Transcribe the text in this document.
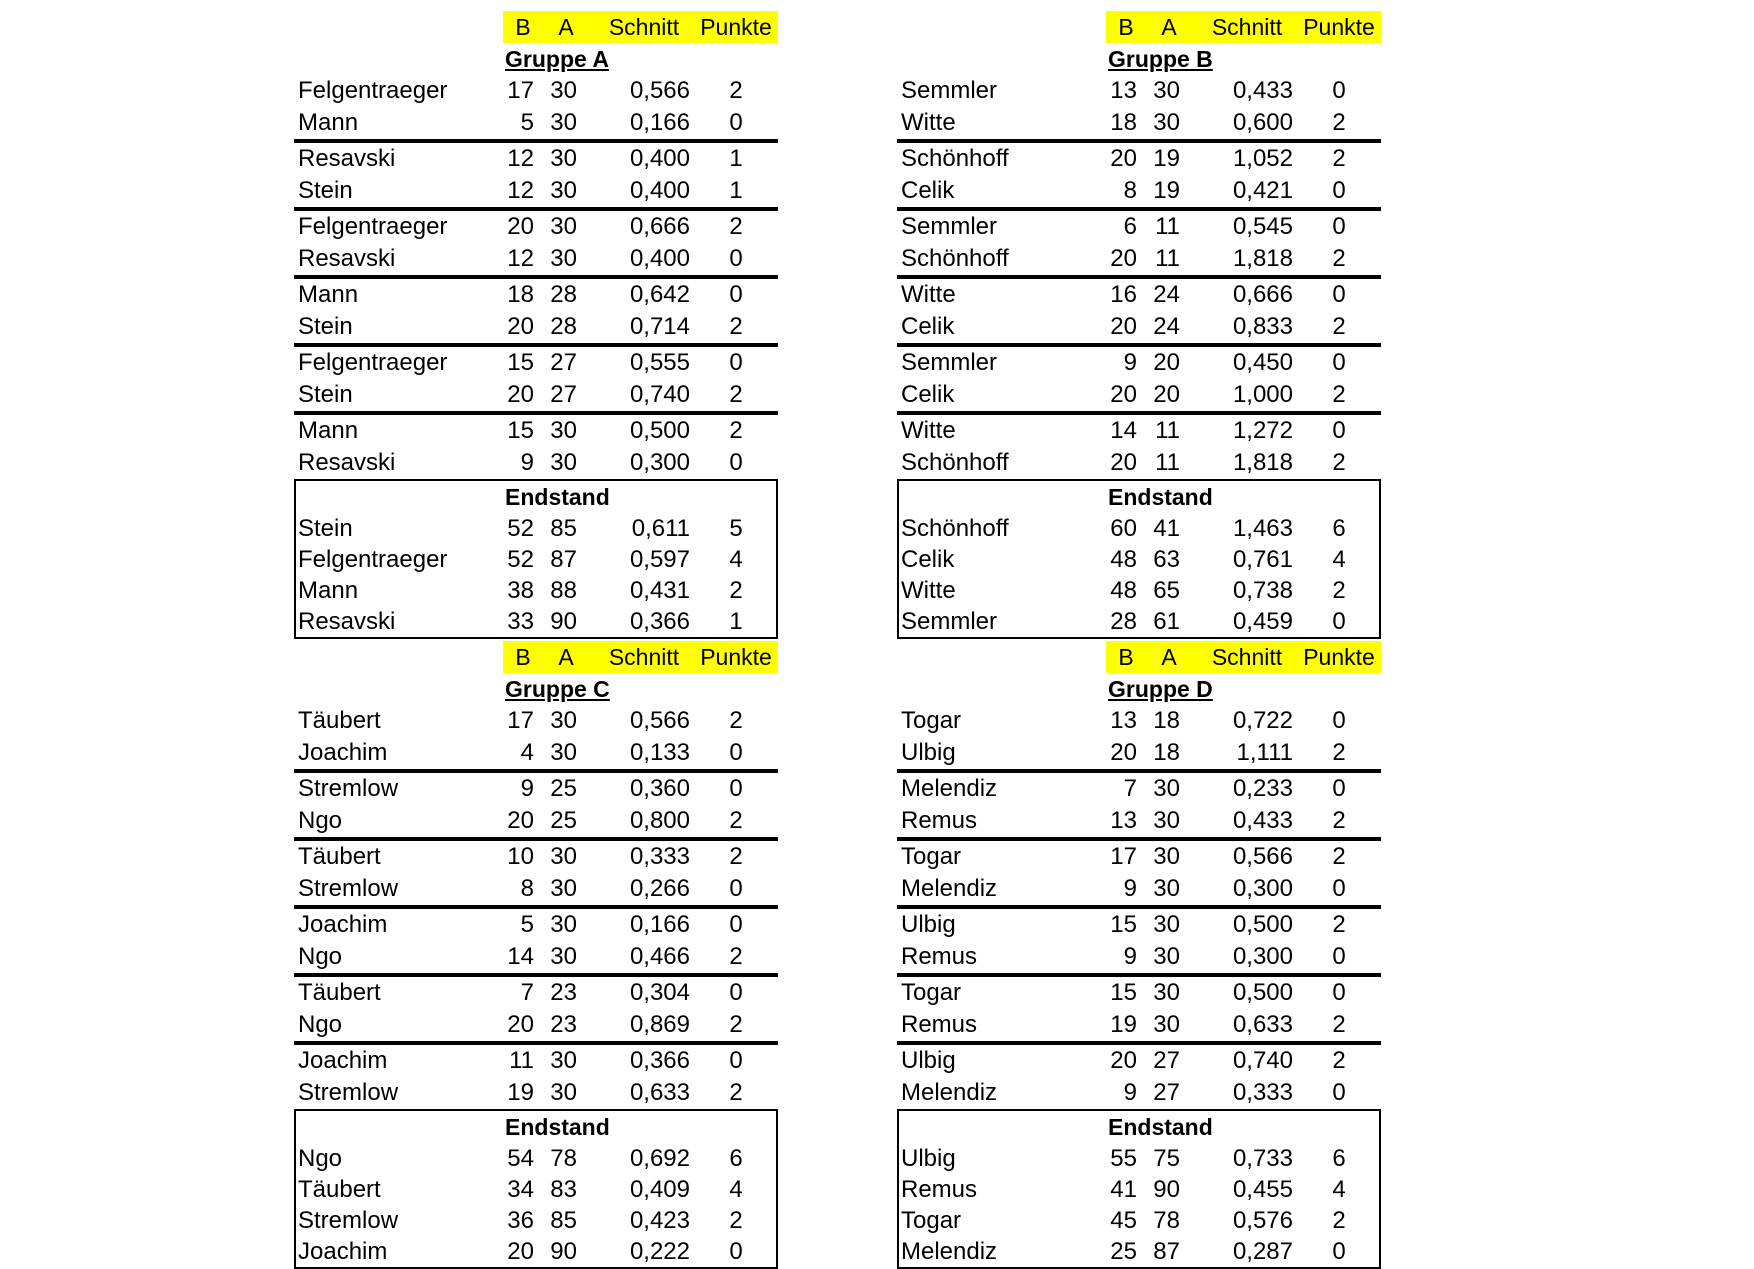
B	A	Schnitt Punkte
Gruppe A
Felgentraeger	17 30	0,566	2
Mann	5 30	0,166	0
Resavski	12 30	0,400	1
Stein	12 30	0,400	1
Felgentraeger	20 30	0,666	2
Resavski	12 30	0,400	0
Mann	18 28	0,642	0
Stein	20 28	0,714	2
Felgentraeger	15 27	0,555	0
Stein	20 27	0,740	2
Mann	15 30	0,500	2
Resavski	9 30	0,300	0
Endstand
Stein	52 85	0,611	5
Felgentraeger	52 87	0,597	4
Mann	38 88	0,431	2
Resavski	33 90	0,366	1
B	A	Schnitt Punkte
Gruppe B
Semmler	13 30	0,433	0
Witte	18 30	0,600	2
Schönhoff	20 19	1,052	2
Celik	8 19	0,421	0
Semmler	6 11	0,545	0
Schönhoff	20 11	1,818	2
Witte	16 24	0,666	0
Celik	20 24	0,833	2
Semmler	9 20	0,450	0
Celik	20 20	1,000	2
Witte	14 11	1,272	0
Schönhoff	20 11	1,818	2
Endstand
Schönhoff	60 41	1,463	6
Celik	48 63	0,761	4
Witte	48 65	0,738	2
Semmler	28 61	0,459	0
B	A	Schnitt Punkte
Gruppe C
Täubert	17 30	0,566	2
Joachim	4 30	0,133	0
Stremlow	9 25	0,360	0
Ngo	20 25	0,800	2
Täubert	10 30	0,333	2
Stremlow	8 30	0,266	0
Joachim	5 30	0,166	0
Ngo	14 30	0,466	2
Täubert	7 23	0,304	0
Ngo	20 23	0,869	2
Joachim	11 30	0,366	0
Stremlow	19 30	0,633	2
Endstand
Ngo	54 78	0,692	6
Täubert	34 83	0,409	4
Stremlow	36 85	0,423	2
Joachim	20 90	0,222	0
B	A	Schnitt Punkte
Gruppe D
Togar	13 18	0,722	0
Ulbig	20 18	1,111	2
Melendiz	7 30	0,233	0
Remus	13 30	0,433	2
Togar	17 30	0,566	2
Melendiz	9 30	0,300	0
Ulbig	15 30	0,500	2
Remus	9 30	0,300	0
Togar	15 30	0,500	0
Remus	19 30	0,633	2
Ulbig	20 27	0,740	2
Melendiz	9 27	0,333	0
Endstand
Ulbig	55 75	0,733	6
Remus	41 90	0,455	4
Togar	45 78	0,576	2
Melendiz	25 87	0,287	0
